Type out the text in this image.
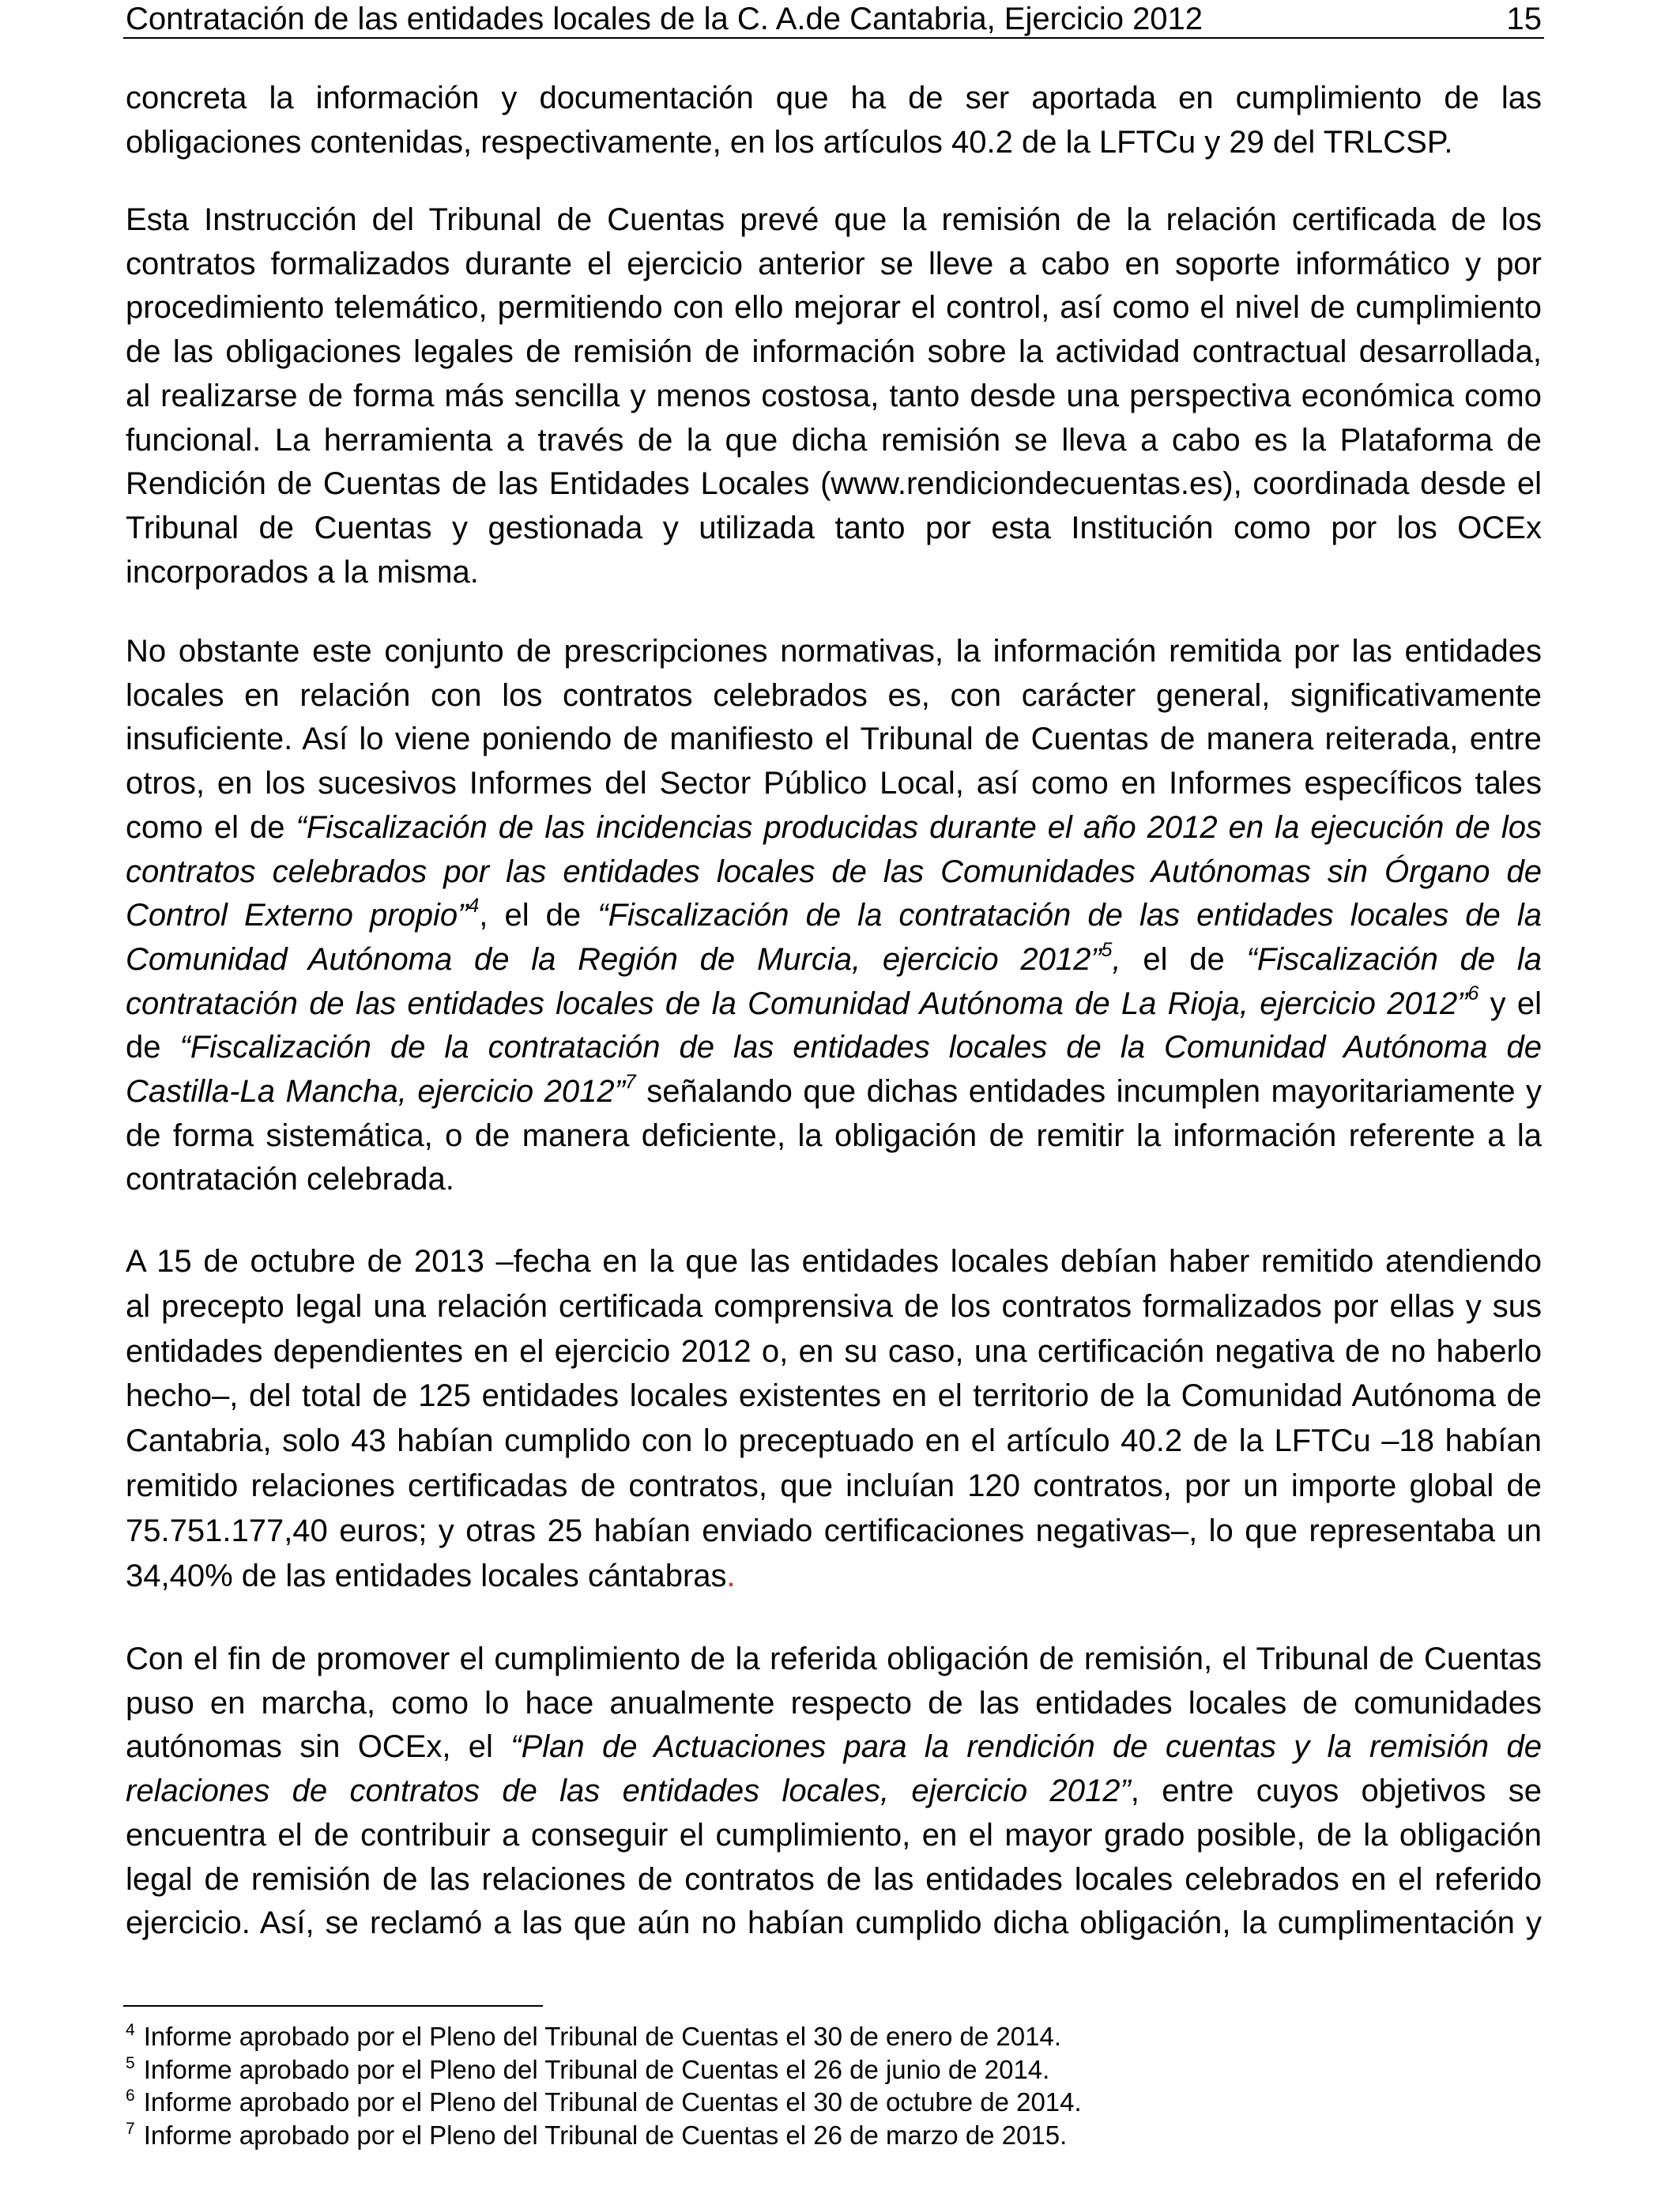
Contratación de las entidades locales de la C. A.de Cantabria, Ejercicio 2012	15
concreta la información y documentación que ha de ser aportada en cumplimiento de las
obligaciones contenidas, respectivamente, en los artículos 40.2 de la LFTCu y 29 del TRLCSP.
Esta Instrucción del Tribunal de Cuentas prevé que la remisión de la relación certificada de los
contratos formalizados durante el ejercicio anterior se lleve a cabo en soporte informático y por
procedimiento telemático, permitiendo con ello mejorar el control, así como el nivel de cumplimiento
de las obligaciones legales de remisión de información sobre la actividad contractual desarrollada,
al realizarse de forma más sencilla y menos costosa, tanto desde una perspectiva económica como
funcional. La herramienta a través de la que dicha remisión se lleva a cabo es la Plataforma de
Rendición de Cuentas de las Entidades Locales (www.rendiciondecuentas.es), coordinada desde el
Tribunal de Cuentas y gestionada y utilizada tanto por esta Institución como por los OCEx
incorporados a la misma.
No obstante este conjunto de prescripciones normativas, la información remitida por las entidades
locales en relación con los contratos celebrados es, con carácter general, significativamente
insuficiente. Así lo viene poniendo de manifiesto el Tribunal de Cuentas de manera reiterada, entre
otros, en los sucesivos Informes del Sector Público Local, así como en Informes específicos tales
como el de “Fiscalización de las incidencias producidas durante el año 2012 en la ejecución de los
contratos celebrados por las entidades locales de las Comunidades Autónomas sin Órgano de
Control Externo propio”$^4$, el de “Fiscalización de la contratación de las entidades locales de la
Comunidad Autónoma de la Región de Murcia, ejercicio 2012”$^5$, el de “Fiscalización de la
contratación de las entidades locales de la Comunidad Autónoma de La Rioja, ejercicio 2012”$^6$ y el
de “Fiscalización de la contratación de las entidades locales de la Comunidad Autónoma de
Castilla-La Mancha, ejercicio 2012”$^7$ señalando que dichas entidades incumplen mayoritariamente y
de forma sistemática, o de manera deficiente, la obligación de remitir la información referente a la
contratación celebrada.
A 15 de octubre de 2013 –fecha en la que las entidades locales debían haber remitido atendiendo
al precepto legal una relación certificada comprensiva de los contratos formalizados por ellas y sus
entidades dependientes en el ejercicio 2012 o, en su caso, una certificación negativa de no haberlo
hecho–, del total de 125 entidades locales existentes en el territorio de la Comunidad Autónoma de
Cantabria, solo 43 habían cumplido con lo preceptuado en el artículo 40.2 de la LFTCu –18 habían
remitido relaciones certificadas de contratos, que incluían 120 contratos, por un importe global de
75.751.177,40 euros; y otras 25 habían enviado certificaciones negativas–, lo que representaba un
34,40% de las entidades locales cántabras.
Con el fin de promover el cumplimiento de la referida obligación de remisión, el Tribunal de Cuentas
puso en marcha, como lo hace anualmente respecto de las entidades locales de comunidades
autónomas sin OCEx, el “Plan de Actuaciones para la rendición de cuentas y la remisión de
relaciones de contratos de las entidades locales, ejercicio 2012”, entre cuyos objetivos se
encuentra el de contribuir a conseguir el cumplimiento, en el mayor grado posible, de la obligación
legal de remisión de las relaciones de contratos de las entidades locales celebrados en el referido
ejercicio. Así, se reclamó a las que aún no habían cumplido dicha obligación, la cumplimentación y
$^4$ Informe aprobado por el Pleno del Tribunal de Cuentas el 30 de enero de 2014.
$^5$ Informe aprobado por el Pleno del Tribunal de Cuentas el 26 de junio de 2014.
$^6$ Informe aprobado por el Pleno del Tribunal de Cuentas el 30 de octubre de 2014.
$^7$ Informe aprobado por el Pleno del Tribunal de Cuentas el 26 de marzo de 2015.
